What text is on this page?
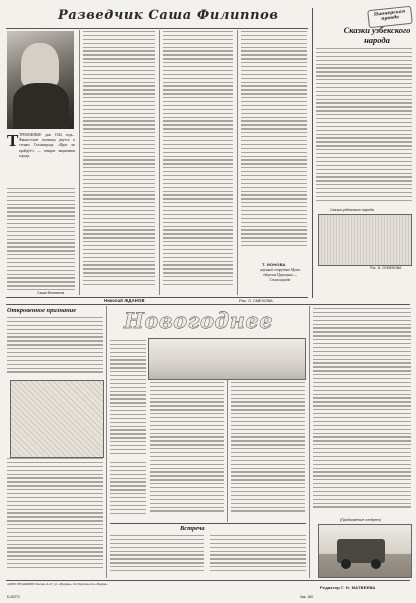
Разведчик Саша Филиппов
Т ТРЕВОЖНЫЕ дни 1942 года... Фашистские полчища рвутся к стенам Сталинграда. «Враг не пройдёт!» — говорят защитники города.
Саша Филиппов.
Т. ИОНОВА
научный сотрудник Музея обороны Царицына — Сталинграда
Николай ЖДАНОВ	Рис. Л. СМЕХОВА
Пионерская правда
Сказки узбекского народа
Сказка узбекского народа
Рис. И. СЕМЁНОВА
Откровенное признание Новогоднее
Встреча
(Продолжение следует)
АДРЕС РЕДАКЦИИ: Москва, А-47, ул. «Правды», 24. Издательство «Правда»
Редактор Г. Н. МАТВЕЕВА
Б-00272	Зак. 160.
